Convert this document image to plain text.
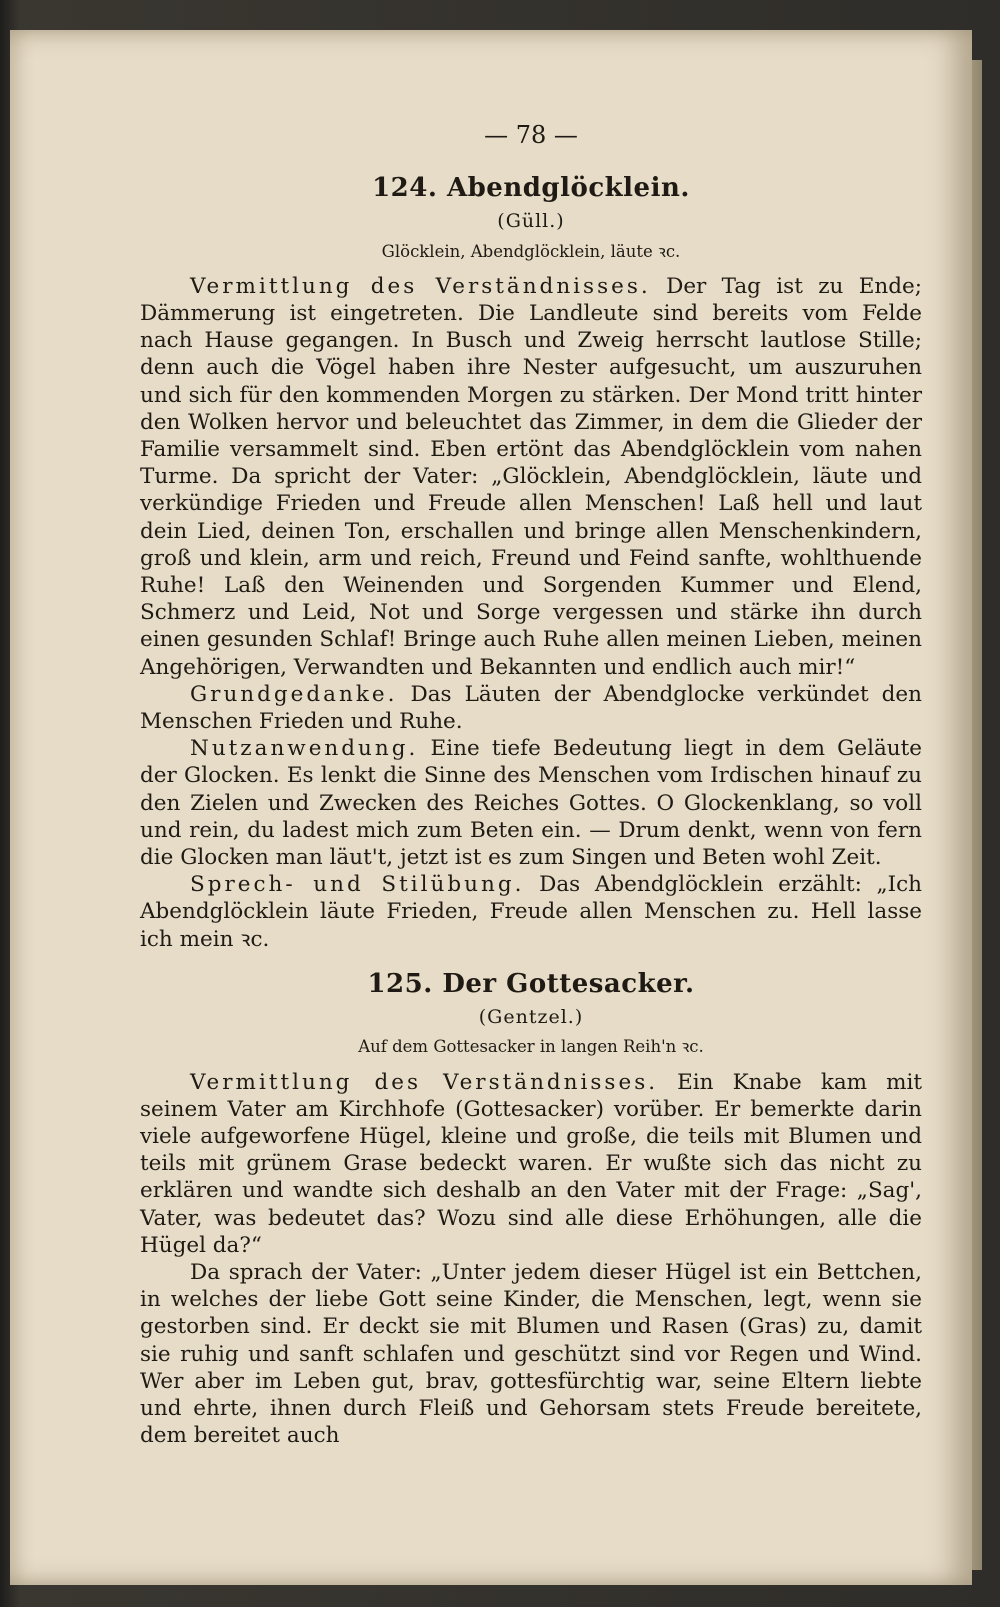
— 78 —
124. Abendglöcklein.
(Güll.)
Glöcklein, Abendglöcklein, läute ꝛc.

Vermittlung des Verständnisses. Der Tag ist zu Ende; Dämmerung ist eingetreten. Die Landleute sind bereits vom Felde nach Hause gegangen. In Busch und Zweig herrscht lautlose Stille; denn auch die Vögel haben ihre Nester aufgesucht, um auszuruhen und sich für den kommenden Morgen zu stärken. Der Mond tritt hinter den Wolken hervor und beleuchtet das Zimmer, in dem die Glieder der Familie versammelt sind. Eben ertönt das Abendglöcklein vom nahen Turme. Da spricht der Vater: „Glöcklein, Abendglöcklein, läute und verkündige Frieden und Freude allen Menschen! Laß hell und laut dein Lied, deinen Ton, erschallen und bringe allen Menschenkindern, groß und klein, arm und reich, Freund und Feind sanfte, wohlthuende Ruhe! Laß den Weinenden und Sorgenden Kummer und Elend, Schmerz und Leid, Not und Sorge vergessen und stärke ihn durch einen gesunden Schlaf! Bringe auch Ruhe allen meinen Lieben, meinen Angehörigen, Verwandten und Bekannten und endlich auch mir!“

Grundgedanke. Das Läuten der Abendglocke verkündet den Menschen Frieden und Ruhe.

Nutzanwendung. Eine tiefe Bedeutung liegt in dem Geläute der Glocken. Es lenkt die Sinne des Menschen vom Irdischen hinauf zu den Zielen und Zwecken des Reiches Gottes. O Glockenklang, so voll und rein, du ladest mich zum Beten ein. — Drum denkt, wenn von fern die Glocken man läut't, jetzt ist es zum Singen und Beten wohl Zeit.

Sprech- und Stilübung. Das Abendglöcklein erzählt: „Ich Abendglöcklein läute Frieden, Freude allen Menschen zu. Hell lasse ich mein ꝛc.

125. Der Gottesacker.
(Gentzel.)
Auf dem Gottesacker in langen Reih'n ꝛc.

Vermittlung des Verständnisses. Ein Knabe kam mit seinem Vater am Kirchhofe (Gottesacker) vorüber. Er bemerkte darin viele aufgeworfene Hügel, kleine und große, die teils mit Blumen und teils mit grünem Grase bedeckt waren. Er wußte sich das nicht zu erklären und wandte sich deshalb an den Vater mit der Frage: „Sag', Vater, was bedeutet das? Wozu sind alle diese Erhöhungen, alle die Hügel da?“

Da sprach der Vater: „Unter jedem dieser Hügel ist ein Bettchen, in welches der liebe Gott seine Kinder, die Menschen, legt, wenn sie gestorben sind. Er deckt sie mit Blumen und Rasen (Gras) zu, damit sie ruhig und sanft schlafen und geschützt sind vor Regen und Wind. Wer aber im Leben gut, brav, gottesfürchtig war, seine Eltern liebte und ehrte, ihnen durch Fleiß und Gehorsam stets Freude bereitete, dem bereitet auch
